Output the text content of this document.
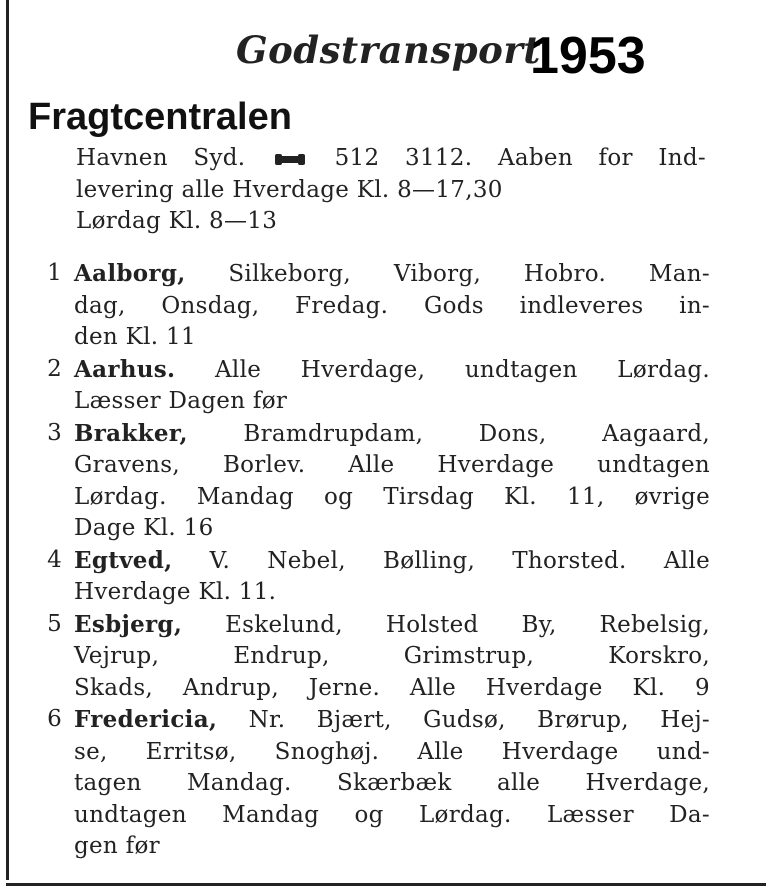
Godstransport
1953
Fragtcentralen
Havnen Syd.	512 3112. Aaben for Ind-
levering alle Hverdage Kl. 8—17,30
Lørdag Kl. 8—13
1 Aalborg, Silkeborg, Viborg, Hobro. Man-
dag, Onsdag, Fredag. Gods indleveres in-
den Kl. 11
2 Aarhus. Alle Hverdage, undtagen Lørdag.
Læsser Dagen før
3 Brakker, Bramdrupdam, Dons, Aagaard,
Gravens, Borlev. Alle Hverdage undtagen
Lørdag. Mandag og Tirsdag Kl. 11, øvrige
Dage Kl. 16
4 Egtved, V. Nebel, Bølling, Thorsted. Alle
Hverdage Kl. 11.
5 Esbjerg, Eskelund, Holsted By, Rebelsig,
Vejrup, Endrup, Grimstrup, Korskro,
Skads, Andrup, Jerne. Alle Hverdage Kl. 9
6 Fredericia, Nr. Bjært, Gudsø, Brørup, Hej-
se, Erritsø, Snoghøj. Alle Hverdage und-
tagen Mandag. Skærbæk alle Hverdage,
undtagen Mandag og Lørdag. Læsser Da-
gen før
